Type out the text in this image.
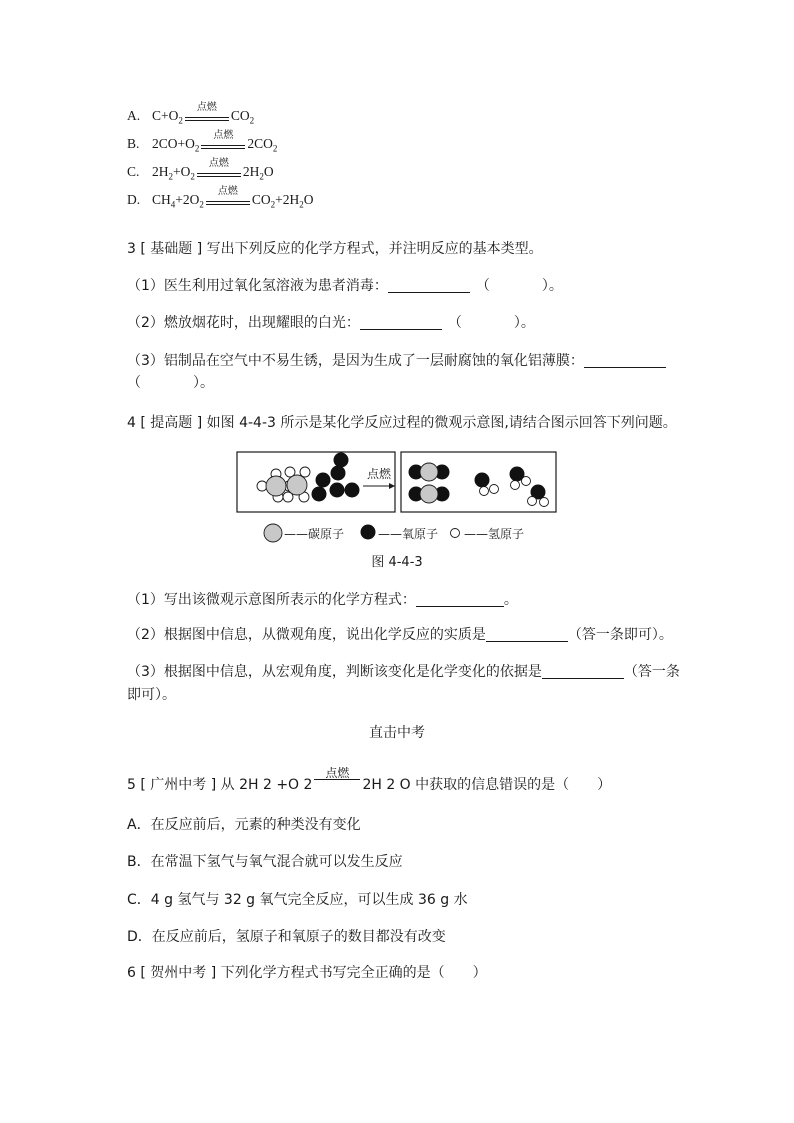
A. $C+O_2$
点燃
$CO_2$
B. $2CO+O_2$
点燃
$2CO_2$
C. $2H_2+O_2$
点燃
$2H_2O$
D. $CH_4+2O_2$
点燃
$CO_2+2H_2O$
3 [ 基础题 ] 写出下列反应的化学方程式，并注明反应的基本类型。
（1）医生利用过氧化氢溶液为患者消毒：	（	）。
（2）燃放烟花时，出现耀眼的白光：	（	）。
（3）铝制品在空气中不易生锈，是因为生成了一层耐腐蚀的氧化铝薄膜：
（	）。
4 [ 提高题 ] 如图 4-4-3 所示是某化学反应过程的微观示意图,请结合图示回答下列问题。
点燃
——碳原子	——氧原子 ——氢原子
图 4-4-3
（1）写出该微观示意图所表示的化学方程式：	。
（2）根据图中信息，从微观角度，说出化学反应的实质是	（答一条即可）。
（3）根据图中信息，从宏观角度，判断该变化是化学变化的依据是	（答一条
即可）。
直击中考
5 [ 广州中考 ] 从 2H 2 +O 2
点燃
2H 2 O 中获取的信息错误的是（　　）
A．在反应前后，元素的种类没有变化
B．在常温下氢气与氧气混合就可以发生反应
C．4 g 氢气与 32 g 氧气完全反应，可以生成 36 g 水
D．在反应前后，氢原子和氧原子的数目都没有改变
6 [ 贺州中考 ] 下列化学方程式书写完全正确的是（　　）
